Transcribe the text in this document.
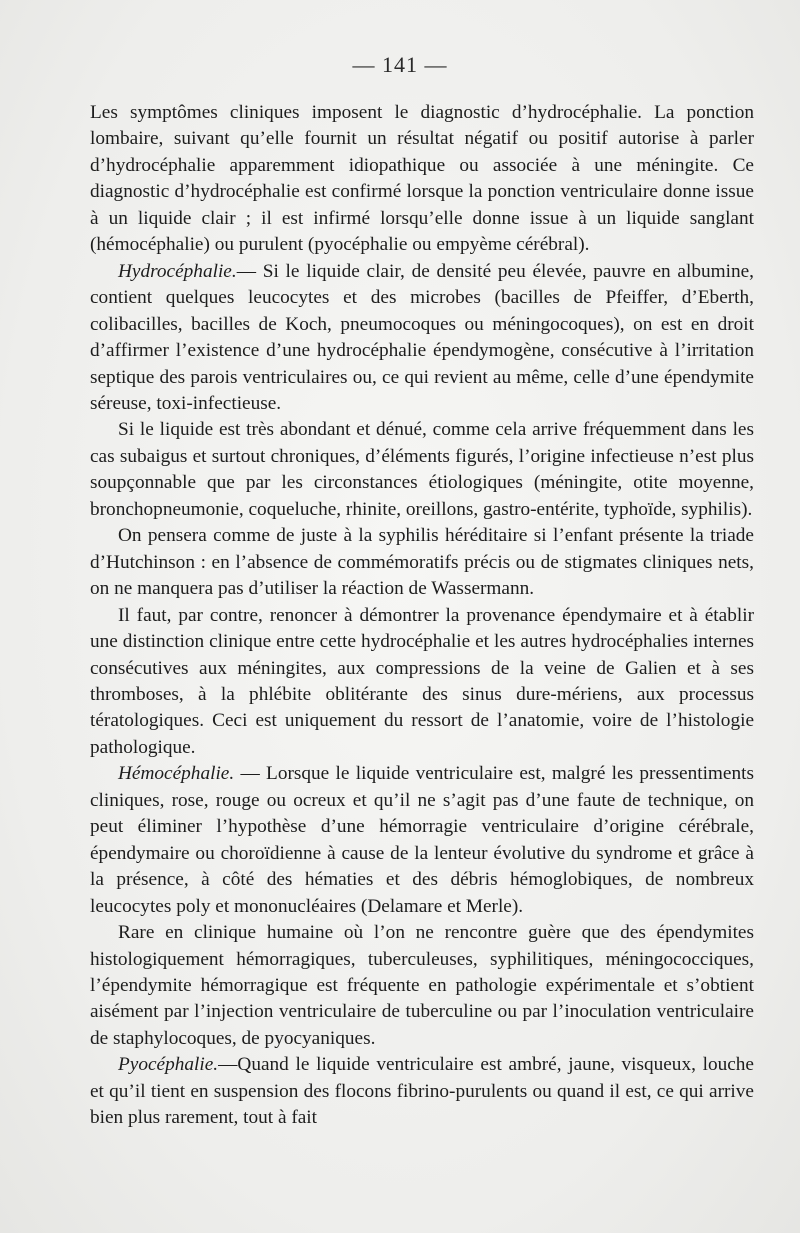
— 141 —

Les symptômes cliniques imposent le diagnostic d’hydrocéphalie. La ponction lombaire, suivant qu’elle fournit un résultat négatif ou positif autorise à parler d’hydrocéphalie apparemment idiopathique ou associée à une méningite. Ce diagnostic d’hydrocéphalie est confirmé lorsque la ponction ventriculaire donne issue à un liquide clair ; il est infirmé lorsqu’elle donne issue à un liquide sanglant (hémocéphalie) ou purulent (pyocéphalie ou empyème cérébral).

Hydrocéphalie.— Si le liquide clair, de densité peu élevée, pauvre en albumine, contient quelques leucocytes et des microbes (bacilles de Pfeiffer, d’Eberth, colibacilles, bacilles de Koch, pneumocoques ou méningocoques), on est en droit d’affirmer l’existence d’une hydrocéphalie épendymogène, consécutive à l’irritation septique des parois ventriculaires ou, ce qui revient au même, celle d’une épendymite séreuse, toxi-infectieuse.

Si le liquide est très abondant et dénué, comme cela arrive fréquemment dans les cas subaigus et surtout chroniques, d’éléments figurés, l’origine infectieuse n’est plus soupçonnable que par les circonstances étiologiques (méningite, otite moyenne, bronchopneumonie, coqueluche, rhinite, oreillons, gastro-entérite, typhoïde, syphilis).

On pensera comme de juste à la syphilis héréditaire si l’enfant présente la triade d’Hutchinson : en l’absence de commémoratifs précis ou de stigmates cliniques nets, on ne manquera pas d’utiliser la réaction de Wassermann.

Il faut, par contre, renoncer à démontrer la provenance épendymaire et à établir une distinction clinique entre cette hydrocéphalie et les autres hydrocéphalies internes consécutives aux méningites, aux compressions de la veine de Galien et à ses thromboses, à la phlébite oblitérante des sinus dure-mériens, aux processus tératologiques. Ceci est uniquement du ressort de l’anatomie, voire de l’histologie pathologique.

Hémocéphalie. — Lorsque le liquide ventriculaire est, malgré les pressentiments cliniques, rose, rouge ou ocreux et qu’il ne s’agit pas d’une faute de technique, on peut éliminer l’hypothèse d’une hémorragie ventriculaire d’origine cérébrale, épendymaire ou choroïdienne à cause de la lenteur évolutive du syndrome et grâce à la présence, à côté des hématies et des débris hémoglobiques, de nombreux leucocytes poly et mononucléaires (Delamare et Merle).

Rare en clinique humaine où l’on ne rencontre guère que des épendymites histologiquement hémorragiques, tuberculeuses, syphilitiques, méningococciques, l’épendymite hémorragique est fréquente en pathologie expérimentale et s’obtient aisément par l’injection ventriculaire de tuberculine ou par l’inoculation ventriculaire de staphylocoques, de pyocyaniques.

Pyocéphalie.—Quand le liquide ventriculaire est ambré, jaune, visqueux, louche et qu’il tient en suspension des flocons fibrino-purulents ou quand il est, ce qui arrive bien plus rarement, tout à fait
